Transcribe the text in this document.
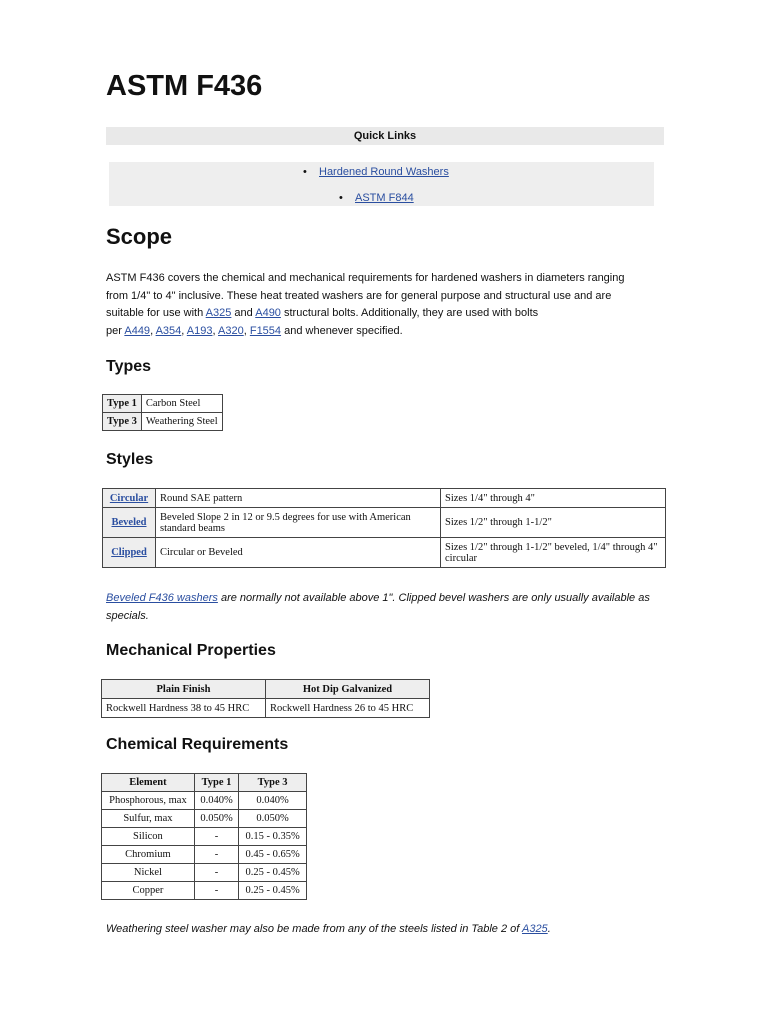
ASTM F436
Quick Links
• Hardened Round Washers
• ASTM F844
Scope
ASTM F436 covers the chemical and mechanical requirements for hardened washers in diameters ranging
from 1/4" to 4" inclusive. These heat treated washers are for general purpose and structural use and are
suitable for use with A325 and A490 structural bolts. Additionally, they are used with bolts
per A449, A354, A193, A320, F1554 and whenever specified.
Types
Type 1	Carbon Steel
Type 3	Weathering Steel
Styles
Circular	Round SAE pattern	Sizes 1/4" through 4"
Beveled	Beveled Slope 2 in 12 or 9.5 degrees for use with American standard beams	Sizes 1/2" through 1-1/2"
Clipped	Circular or Beveled	Sizes 1/2" through 1-1/2" beveled, 1/4" through 4" circular
Beveled F436 washers are normally not available above 1". Clipped bevel washers are only usually available as specials.
Mechanical Properties
Plain Finish	Hot Dip Galvanized
Rockwell Hardness 38 to 45 HRC	Rockwell Hardness 26 to 45 HRC
Chemical Requirements
Element	Type 1	Type 3
Phosphorous, max	0.040%	0.040%
Sulfur, max	0.050%	0.050%
Silicon	-	0.15 - 0.35%
Chromium	-	0.45 - 0.65%
Nickel	-	0.25 - 0.45%
Copper	-	0.25 - 0.45%
Weathering steel washer may also be made from any of the steels listed in Table 2 of A325.
